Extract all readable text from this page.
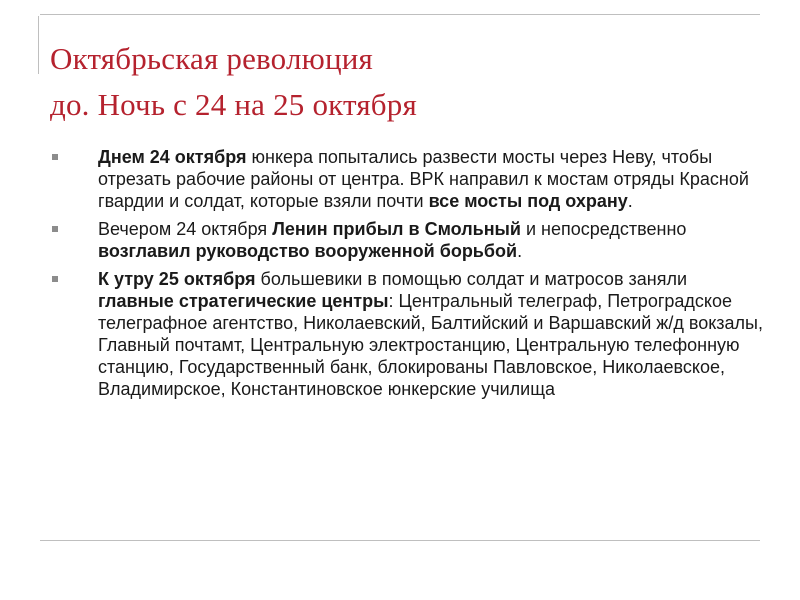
Октябрьская революция
до. Ночь с 24 на 25 октября
Днем 24 октября юнкера попытались развести мосты через Неву, чтобы отрезать рабочие районы от центра. ВРК направил к мостам отряды Красной гвардии и солдат, которые взяли почти все мосты под охрану.
Вечером 24 октября Ленин прибыл в Смольный и непосредственно возглавил руководство вооруженной борьбой.
К утру 25 октября большевики в помощью солдат и матросов заняли главные стратегические центры: Центральный телеграф, Петроградское телеграфное агентство, Николаевский, Балтийский и Варшавский ж/д вокзалы, Главный почтамт, Центральную электростанцию, Центральную телефонную станцию, Государственный банк, блокированы Павловское, Николаевское, Владимирское, Константиновское юнкерские училища
